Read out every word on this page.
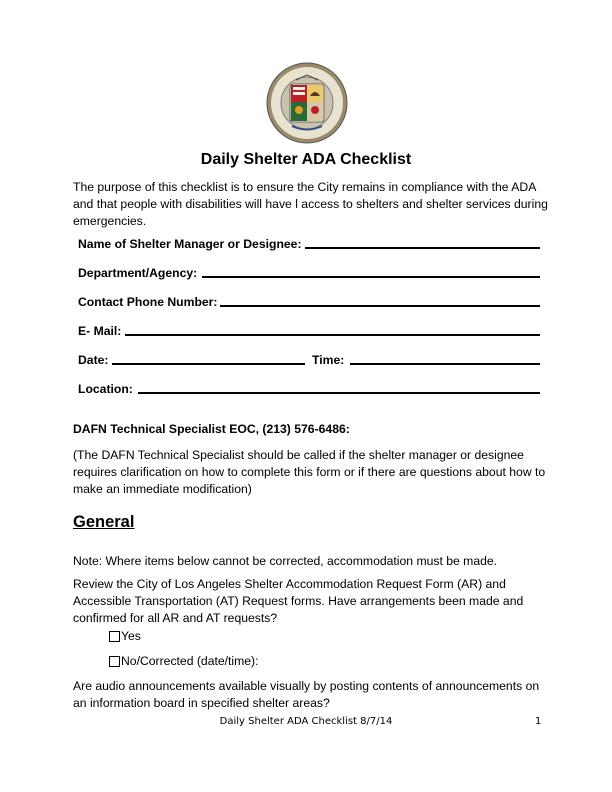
Daily Shelter ADA Checklist
The purpose of this checklist is to ensure the City remains in compliance with the ADA and that people with disabilities will have l access to shelters and shelter services during emergencies.
Name of Shelter Manager or Designee:
Department/Agency:
Contact Phone Number:
E- Mail:
Date:	Time:
Location:
DAFN Technical Specialist EOC, (213) 576-6486:
(The DAFN Technical Specialist should be called if the shelter manager or designee requires clarification on how to complete this form or if there are questions about how to make an immediate modification)
General
Note: Where items below cannot be corrected, accommodation must be made.
Review the City of Los Angeles Shelter Accommodation Request Form (AR) and Accessible Transportation (AT) Request forms. Have arrangements been made and confirmed for all AR and AT requests?
Yes
No/Corrected (date/time):
Are audio announcements available visually by posting contents of announcements on an information board in specified shelter areas?
Daily Shelter ADA Checklist 8/7/14	1
